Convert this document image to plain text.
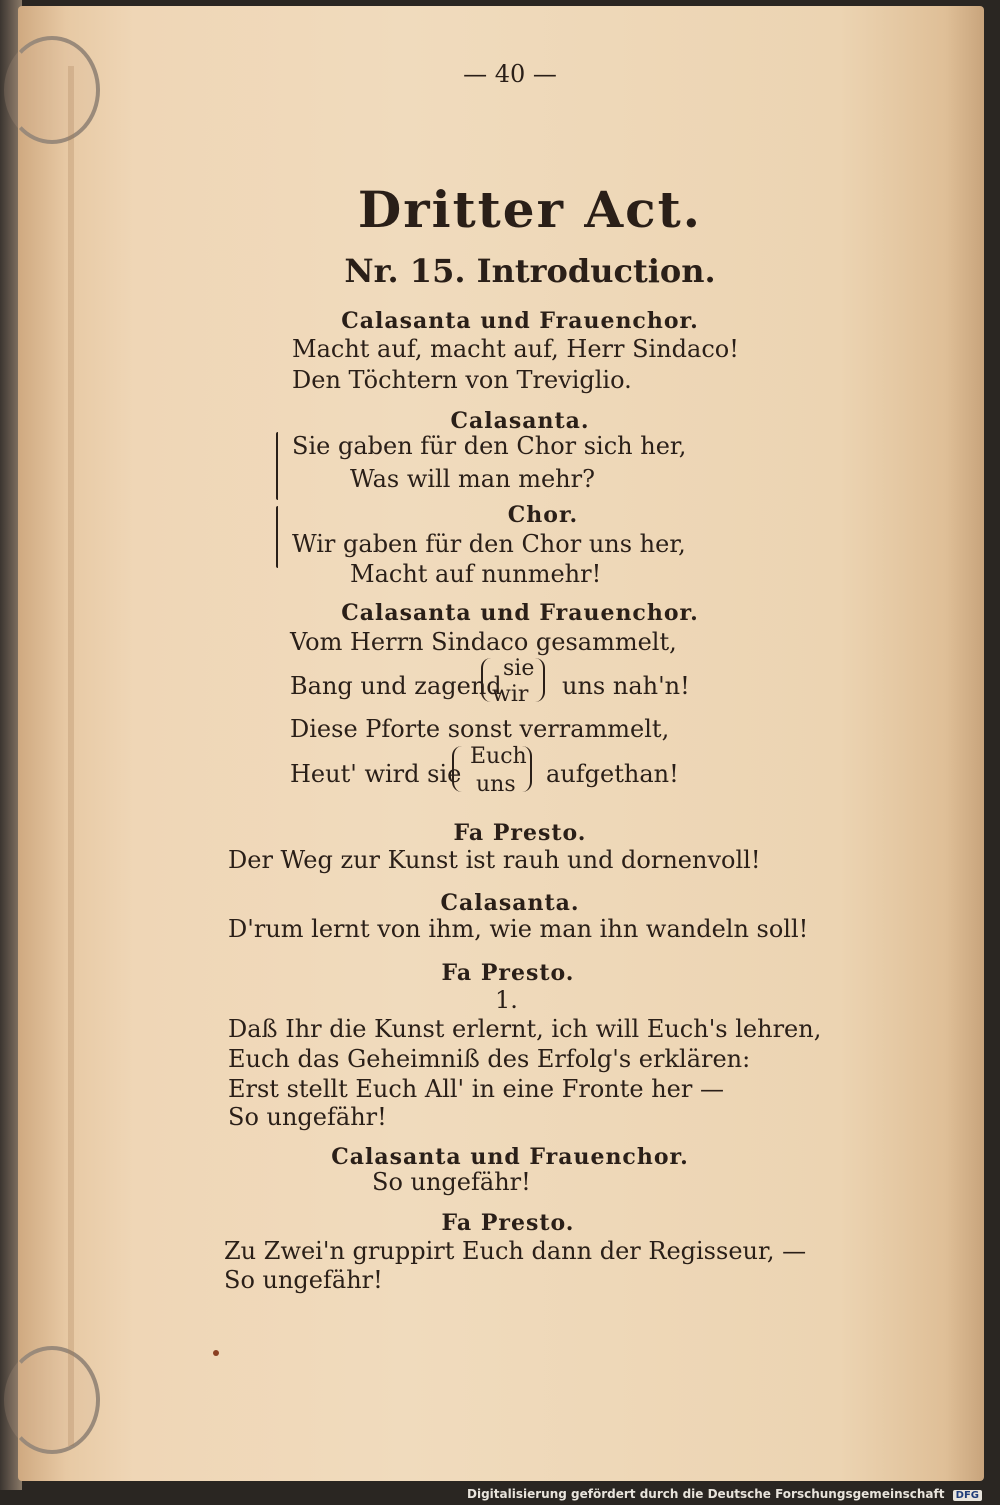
— 40 —
Dritter Act.
Nr. 15. Introduction.
Calasanta und Frauenchor.
Macht auf, macht auf, Herr Sindaco!
Den Töchtern von Treviglio.
Calasanta.
Sie gaben für den Chor sich her,
Was will man mehr?
Chor.
Wir gaben für den Chor uns her,
Macht auf nunmehr!
Calasanta und Frauenchor.
Vom Herrn Sindaco gesammelt,
Bang und zagend
sie
wir uns nah'n!
Diese Pforte sonst verrammelt,
Heut' wird sie
Euch
uns aufgethan!
Fa Presto.
Der Weg zur Kunst ist rauh und dornenvoll!
Calasanta.
D'rum lernt von ihm, wie man ihn wandeln soll!
Fa Presto.
1.
Daß Ihr die Kunst erlernt, ich will Euch's lehren,
Euch das Geheimniß des Erfolg's erklären:
Erst stellt Euch All' in eine Fronte her —
So ungefähr!
Calasanta und Frauenchor.
So ungefähr!
Fa Presto.
Zu Zwei'n gruppirt Euch dann der Regisseur, —
So ungefähr!
Digitalisierung gefördert durch die Deutsche Forschungsgemeinschaft DFG
